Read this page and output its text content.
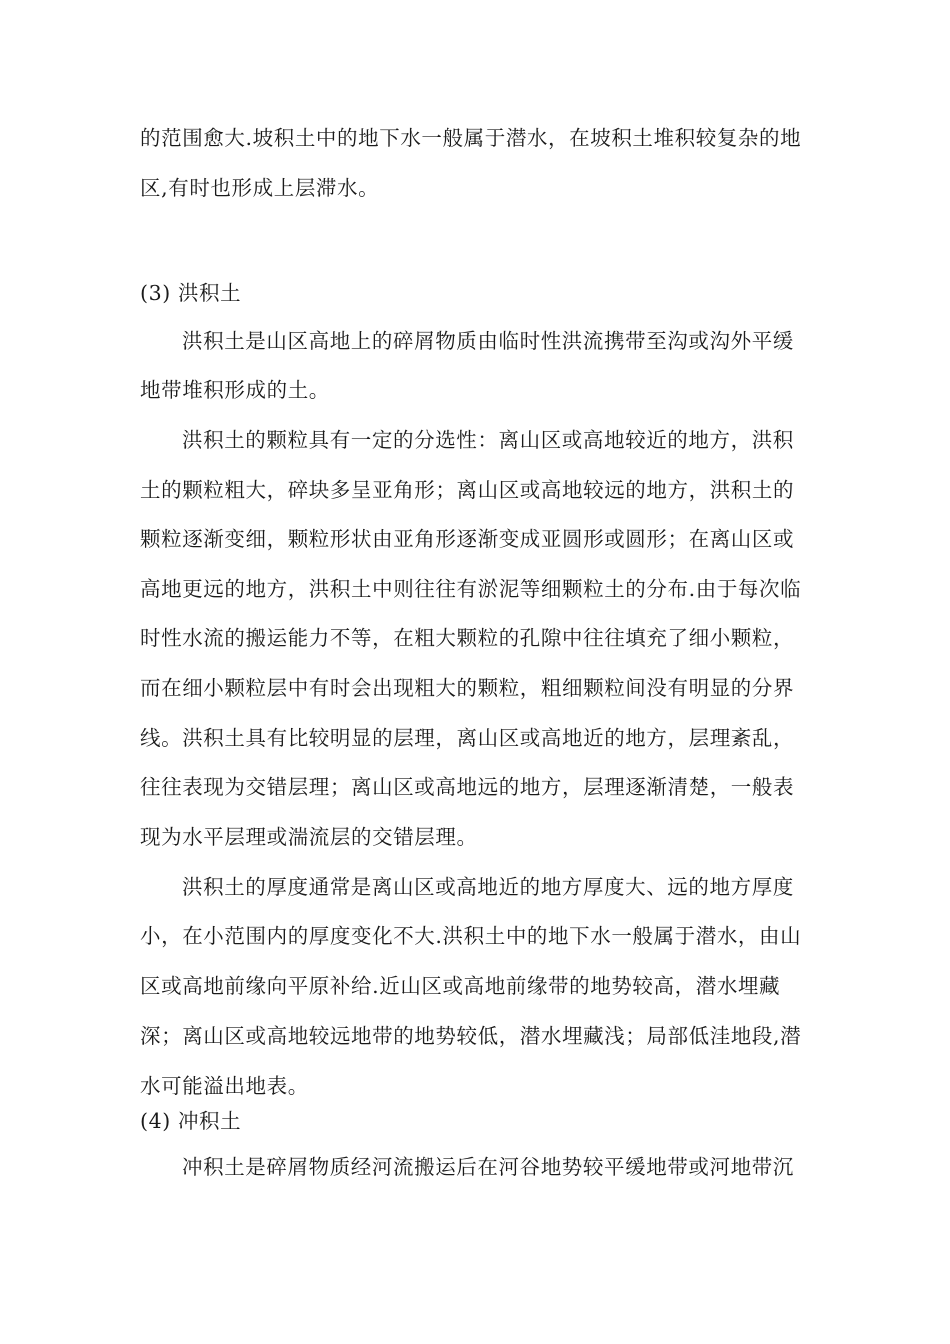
的范围愈大.坡积土中的地下水一般属于潜水，在坡积土堆积较复杂的地
区,有时也形成上层滞水。
(3) 洪积土
洪积土是山区高地上的碎屑物质由临时性洪流携带至沟或沟外平缓
地带堆积形成的土。
洪积土的颗粒具有一定的分选性：离山区或高地较近的地方，洪积
土的颗粒粗大，碎块多呈亚角形；离山区或高地较远的地方，洪积土的
颗粒逐渐变细，颗粒形状由亚角形逐渐变成亚圆形或圆形；在离山区或
高地更远的地方，洪积土中则往往有淤泥等细颗粒土的分布.由于每次临
时性水流的搬运能力不等，在粗大颗粒的孔隙中往往填充了细小颗粒，
而在细小颗粒层中有时会出现粗大的颗粒，粗细颗粒间没有明显的分界
线。洪积土具有比较明显的层理，离山区或高地近的地方，层理紊乱，
往往表现为交错层理；离山区或高地远的地方，层理逐渐清楚，一般表
现为水平层理或湍流层的交错层理。
洪积土的厚度通常是离山区或高地近的地方厚度大、远的地方厚度
小，在小范围内的厚度变化不大.洪积土中的地下水一般属于潜水，由山
区或高地前缘向平原补给.近山区或高地前缘带的地势较高，潜水埋藏
深；离山区或高地较远地带的地势较低，潜水埋藏浅；局部低洼地段,潜
水可能溢出地表。
(4) 冲积土
冲积土是碎屑物质经河流搬运后在河谷地势较平缓地带或河地带沉
